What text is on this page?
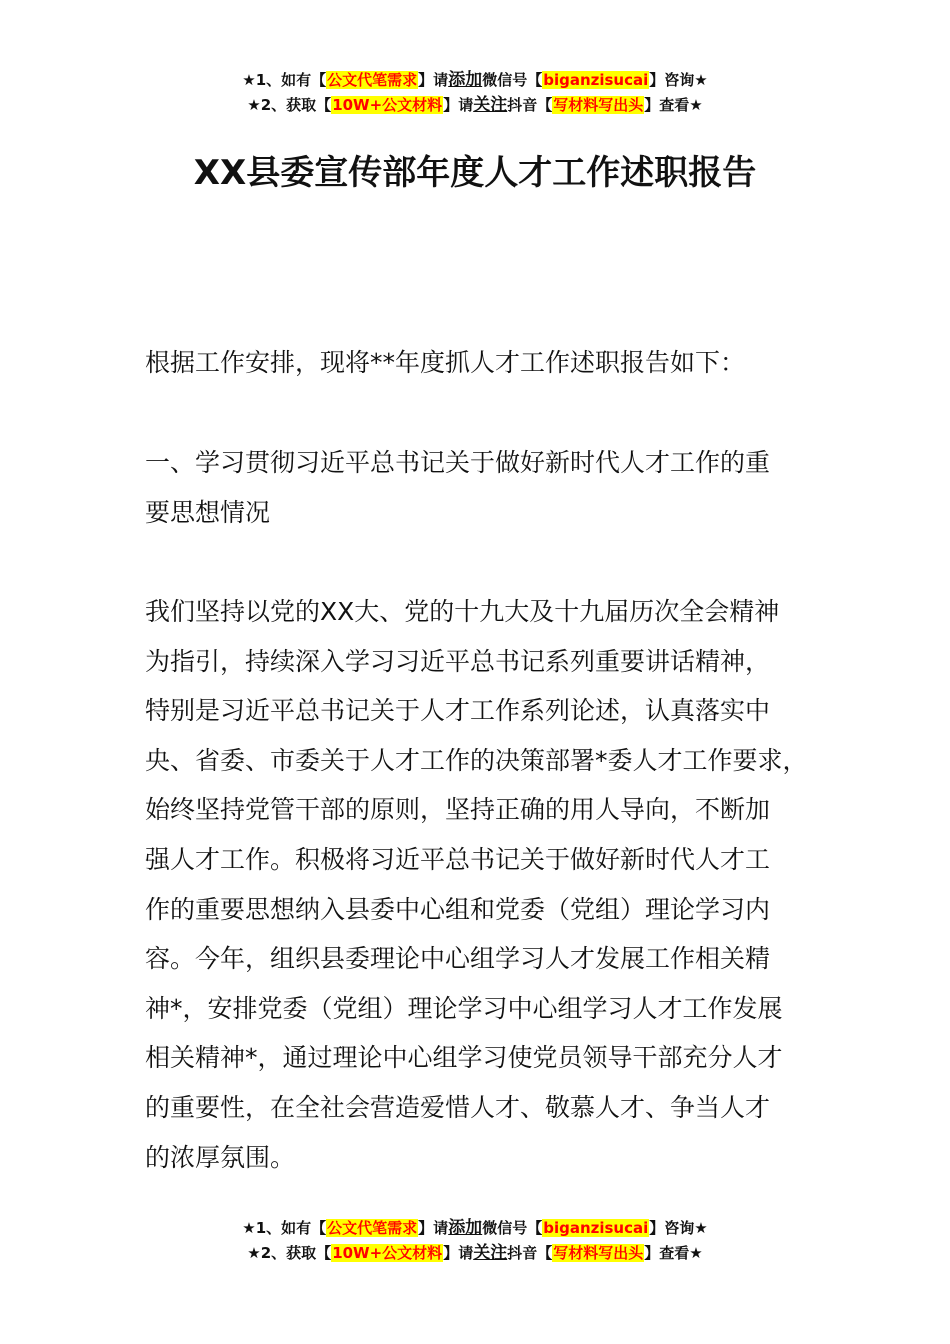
★1、如有【公文代笔需求】请添加微信号【biganzisucai】咨询★
★2、获取【10W+公文材料】请关注抖音【写材料写出头】查看★
XX县委宣传部年度人才工作述职报告
根据工作安排，现将**年度抓人才工作述职报告如下：
一、学习贯彻习近平总书记关于做好新时代人才工作的重
要思想情况
我们坚持以党的XX大、党的十九大及十九届历次全会精神
为指引，持续深入学习习近平总书记系列重要讲话精神，
特别是习近平总书记关于人才工作系列论述，认真落实中
央、省委、市委关于人才工作的决策部署*委人才工作要求，
始终坚持党管干部的原则，坚持正确的用人导向，不断加
强人才工作。积极将习近平总书记关于做好新时代人才工
作的重要思想纳入县委中心组和党委（党组）理论学习内
容。今年，组织县委理论中心组学习人才发展工作相关精
神*，安排党委（党组）理论学习中心组学习人才工作发展
相关精神*，通过理论中心组学习使党员领导干部充分人才
的重要性，在全社会营造爱惜人才、敬慕人才、争当人才
的浓厚氛围。
★1、如有【公文代笔需求】请添加微信号【biganzisucai】咨询★
★2、获取【10W+公文材料】请关注抖音【写材料写出头】查看★
